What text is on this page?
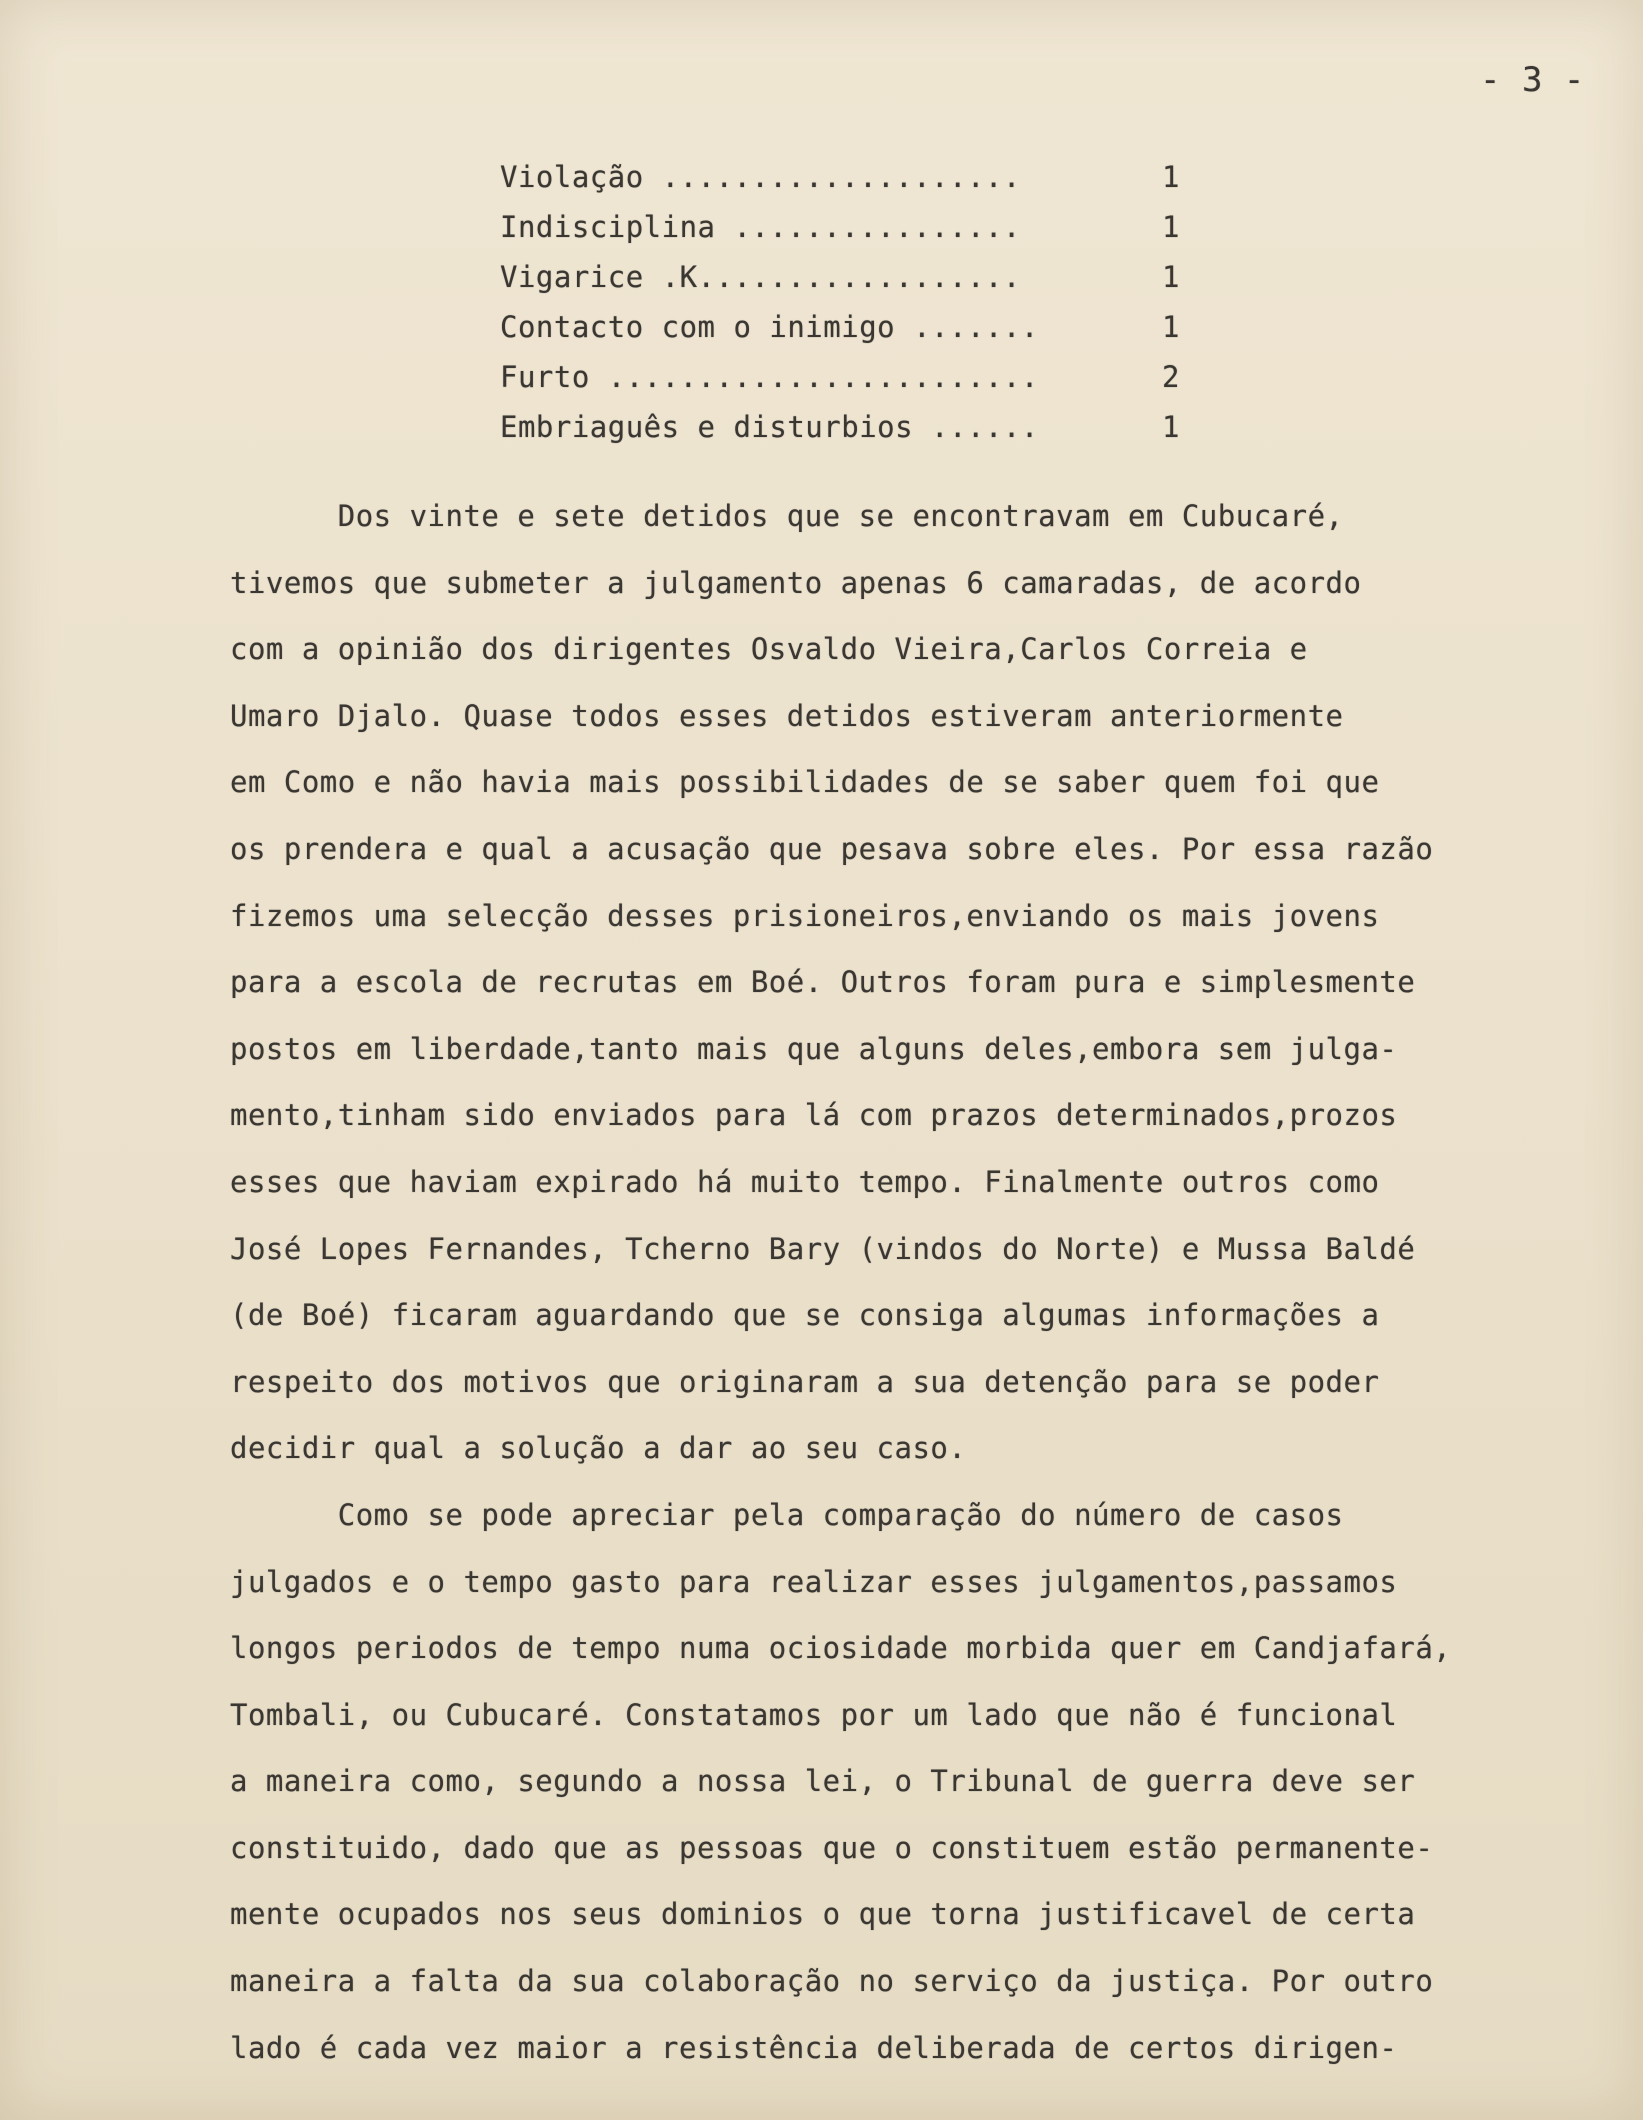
- 3 -
Violação ....................	1
Indisciplina ................	1
Vigarice .K..................	1
Contacto com o inimigo .......	1
Furto ........................	2
Embriaguês e disturbios ......	1

Dos vinte e sete detidos que se encontravam em Cubucaré,

tivemos que submeter a julgamento apenas 6 camaradas, de acordo

com a opinião dos dirigentes Osvaldo Vieira,Carlos Correia e

Umaro Djalo. Quase todos esses detidos estiveram anteriormente

em Como e não havia mais possibilidades de se saber quem foi que

os prendera e qual a acusação que pesava sobre eles. Por essa razão

fizemos uma selecção desses prisioneiros,enviando os mais jovens

para a escola de recrutas em Boé. Outros foram pura e simplesmente

postos em liberdade,tanto mais que alguns deles,embora sem julga-

mento,tinham sido enviados para lá com prazos determinados,prozos

esses que haviam expirado há muito tempo. Finalmente outros como

José Lopes Fernandes, Tcherno Bary (vindos do Norte) e Mussa Baldé

(de Boé) ficaram aguardando que se consiga algumas informações a

respeito dos motivos que originaram a sua detenção para se poder

decidir qual a solução a dar ao seu caso.

Como se pode apreciar pela comparação do número de casos

julgados e o tempo gasto para realizar esses julgamentos,passamos

longos periodos de tempo numa ociosidade morbida quer em Candjafará,

Tombali, ou Cubucaré. Constatamos por um lado que não é funcional

a maneira como, segundo a nossa lei, o Tribunal de guerra deve ser

constituido, dado que as pessoas que o constituem estão permanente-

mente ocupados nos seus dominios o que torna justificavel de certa

maneira a falta da sua colaboração no serviço da justiça. Por outro

lado é cada vez maior a resistência deliberada de certos dirigen-
